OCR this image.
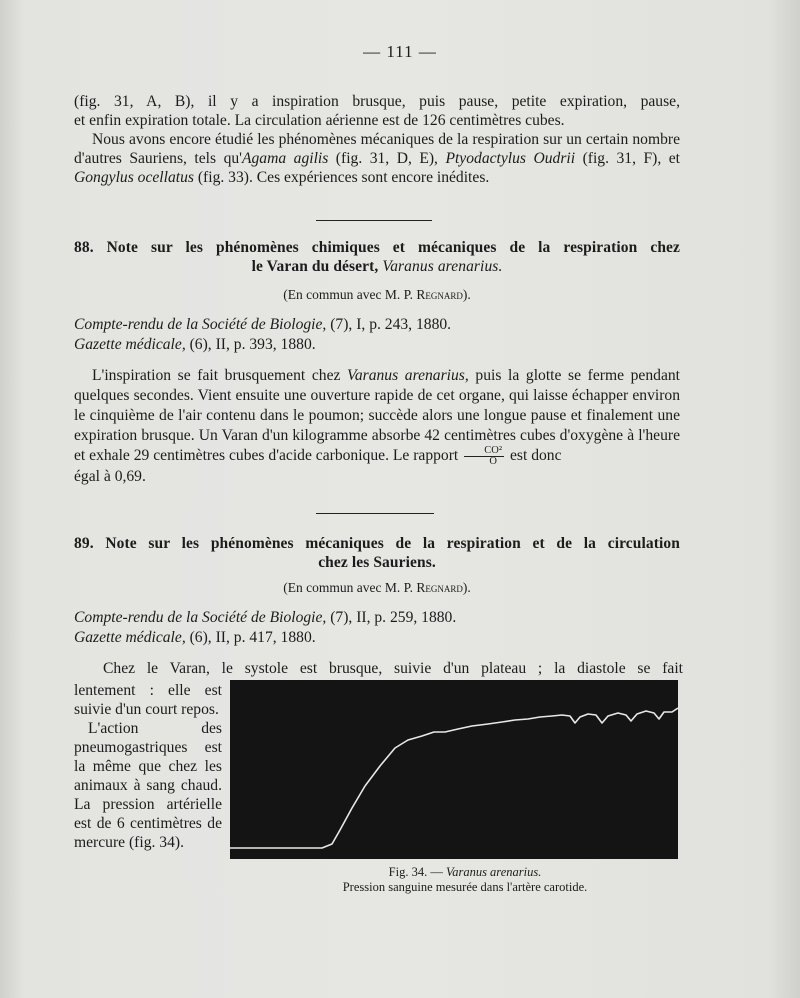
— 111 —
(fig. 31, A, B), il y a inspiration brusque, puis pause, petite expiration, pause,
et enfin expiration totale. La circulation aérienne est de 126 centimètres cubes.
Nous avons encore étudié les phénomènes mécaniques de la respiration sur un certain nombre d'autres Sauriens, tels qu'Agama agilis (fig. 31, D, E), Ptyodactylus Oudrii (fig. 31, F), et Gongylus ocellatus (fig. 33). Ces expériences sont encore inédites.
88. Note sur les phénomènes chimiques et mécaniques de la respiration chez
le Varan du désert, Varanus arenarius.
(En commun avec M. P. Regnard).
Compte-rendu de la Société de Biologie, (7), I, p. 243, 1880.
Gazette médicale, (6), II, p. 393, 1880.
L'inspiration se fait brusquement chez Varanus arenarius, puis la glotte se ferme pendant quelques secondes. Vient ensuite une ouverture rapide de cet organe, qui laisse échapper environ le cinquième de l'air contenu dans le poumon; succède alors une longue pause et finalement une expiration brusque. Un Varan d'un kilogramme absorbe 42 centimètres cubes d'oxygène à l'heure et exhale 29 centimètres cubes d'acide carbonique. Le rapport $\frac{\text{CO²}}{O}$ est donc
égal à 0,69.
89. Note sur les phénomènes mécaniques de la respiration et de la circulation
chez les Sauriens.
(En commun avec M. P. Regnard).
Compte-rendu de la Société de Biologie, (7), II, p. 259, 1880.
Gazette médicale, (6), II, p. 417, 1880.
Chez le Varan, le systole est brusque, suivie d'un plateau ; la diastole se fait
lentement : elle est suivie d'un court repos.
L'action des pneumogastriques est la même que chez les animaux à sang chaud. La pression artérielle est de 6 centimètres de mercure (fig. 34).
Fig. 34. — Varanus arenarius.
Pression sanguine mesurée dans l'artère carotide.
